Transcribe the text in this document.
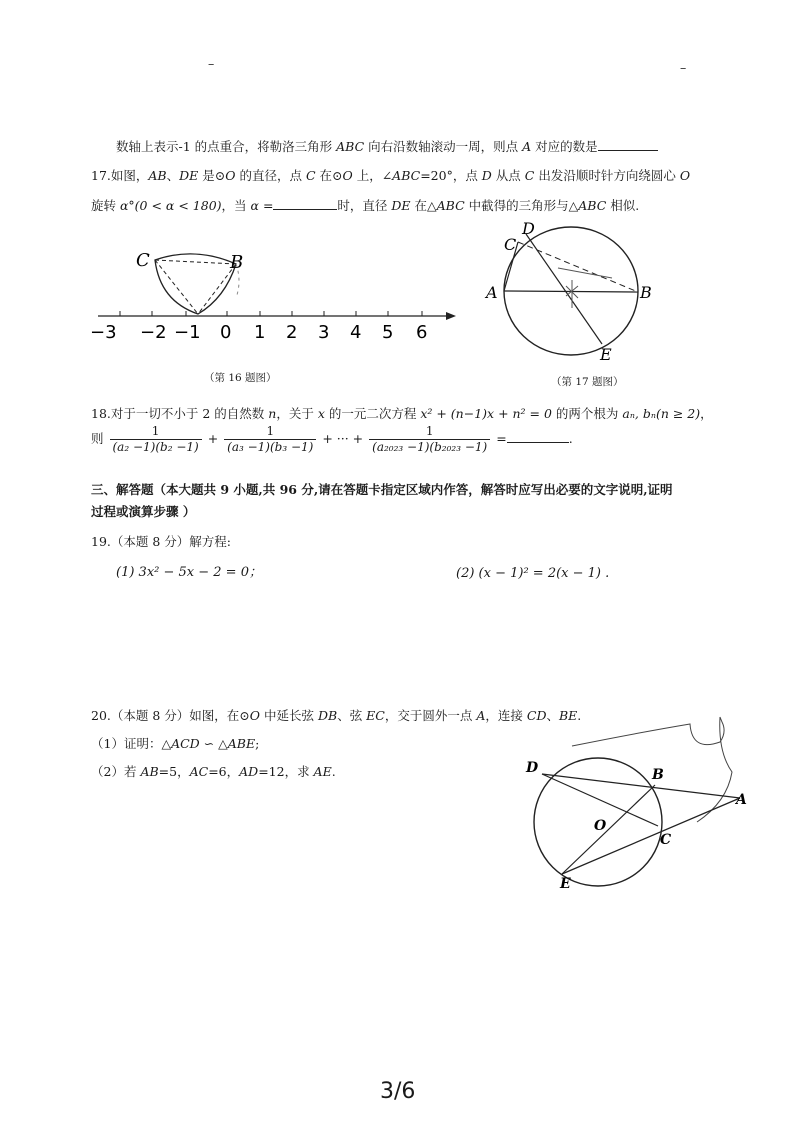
–	–
数轴上表示-1 的点重合，将勒洛三角形 ABC 向右沿数轴滚动一周，则点 A 对应的数是
17.如图，AB、DE 是⊙O 的直径，点 C 在⊙O 上，∠ABC=20°，点 D 从点 C 出发沿顺时针方向绕圆心 O
旋转 α°(0 < α < 180)，当 α =	时，直径 DE 在△ABC 中截得的三角形与△ABC 相似.
C	B
−3 −2 −1 0 1 2 3 4 5 6
（第 16 题图）
A	B
C
D
E
（第 17 题图）
18.对于一切不小于 2 的自然数 n，关于 x 的一元二次方程 x² + (n−1)x + n² = 0 的两个根为 aₙ, bₙ(n ≥ 2)，
则 $\frac{1}{\text{(a₂ −1)(b₂ −1)}} + \frac{1}{\text{(a₃ −1)(b₃ −1)}}$ + ··· + $\frac{1}{\text{(a₂₀₂₃ −1)(b₂₀₂₃ −1)}}$ =	.
三、解答题（本大题共 9 小题,共 96 分,请在答题卡指定区域内作答，解答时应写出必要的文字说明,证明
过程或演算步骤 ）
19.（本题 8 分）解方程:
(1) 3x² − 5x − 2 = 0；	(2) (x − 1)² = 2(x − 1) .
20.（本题 8 分）如图，在⊙O 中延长弦 DB、弦 EC，交于圆外一点 A，连接 CD、BE.
（1）证明：△ACD ∽ △ABE;
（2）若 AB=5，AC=6，AD=12，求 AE.	D	B
A
O
C
E
3/6
